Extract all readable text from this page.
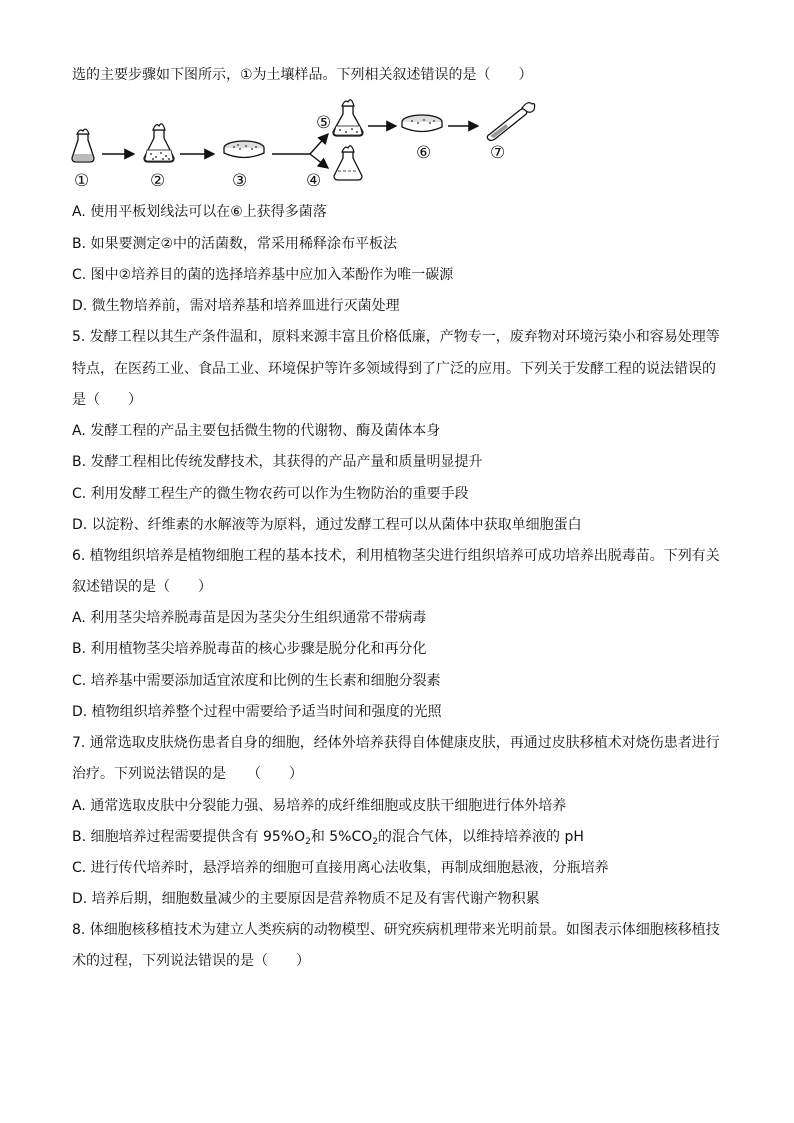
选的主要步骤如下图所示，①为土壤样品。下列相关叙述错误的是（　　）
①	②	③
⑤
④
⑥	⑦
A. 使用平板划线法可以在⑥上获得多菌落
B. 如果要测定②中的活菌数，常采用稀释涂布平板法
C. 图中②培养目的菌的选择培养基中应加入苯酚作为唯一碳源
D. 微生物培养前，需对培养基和培养皿进行灭菌处理
5. 发酵工程以其生产条件温和，原料来源丰富且价格低廉，产物专一，废弃物对环境污染小和容易处理等
特点，在医药工业、食品工业、环境保护等许多领域得到了广泛的应用。下列关于发酵工程的说法错误的
是（　　）
A. 发酵工程的产品主要包括微生物的代谢物、酶及菌体本身
B. 发酵工程相比传统发酵技术，其获得的产品产量和质量明显提升
C. 利用发酵工程生产的微生物农药可以作为生物防治的重要手段
D. 以淀粉、纤维素的水解液等为原料，通过发酵工程可以从菌体中获取单细胞蛋白
6. 植物组织培养是植物细胞工程的基本技术，利用植物茎尖进行组织培养可成功培养出脱毒苗。下列有关
叙述错误的是（　　）
A. 利用茎尖培养脱毒苗是因为茎尖分生组织通常不带病毒
B. 利用植物茎尖培养脱毒苗的核心步骤是脱分化和再分化
C. 培养基中需要添加适宜浓度和比例的生长素和细胞分裂素
D. 植物组织培养整个过程中需要给予适当时间和强度的光照
7. 通常选取皮肤烧伤患者自身的细胞，经体外培养获得自体健康皮肤，再通过皮肤移植术对烧伤患者进行
治疗。下列说法错误的是　　（　　）
A. 通常选取皮肤中分裂能力强、易培养的成纤维细胞或皮肤干细胞进行体外培养
B. 细胞培养过程需要提供含有 $95\%O_2$和 $5\%CO_2$的混合气体，以维持培养液的 pH
C. 进行传代培养时，悬浮培养的细胞可直接用离心法收集，再制成细胞悬液，分瓶培养
D. 培养后期，细胞数量减少的主要原因是营养物质不足及有害代谢产物积累
8. 体细胞核移植技术为建立人类疾病的动物模型、研究疾病机理带来光明前景。如图表示体细胞核移植技
术的过程，下列说法错误的是（　　）
